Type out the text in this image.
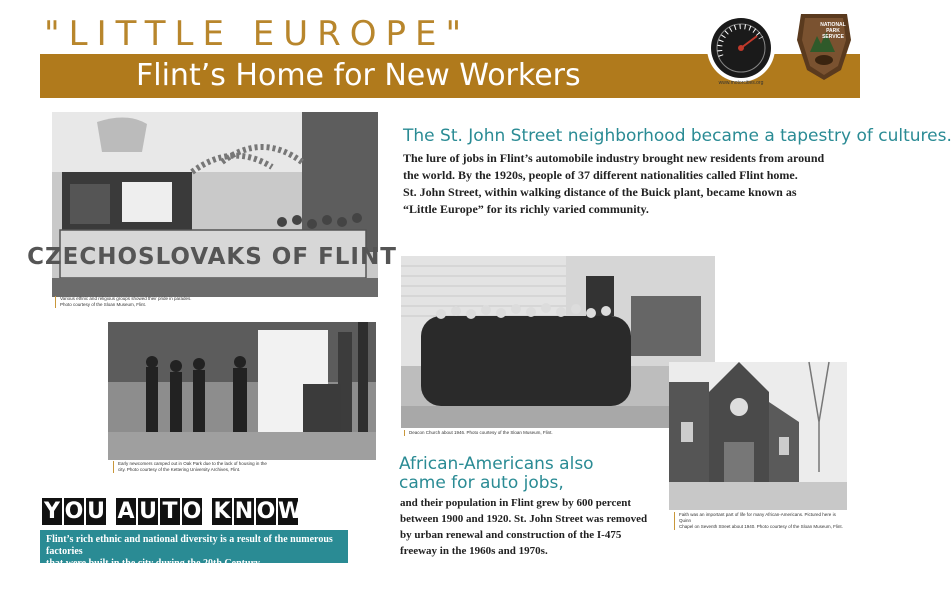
"LITTLE EUROPE"
Flint’s Home for New Workers	www.motorcities.org
NATIONAL
PARK
SERVICE
CZECHOSLOVAKS OF FLINT
Various ethnic and religious groups showed their pride in parades.
Photo courtesy of the Sloan Museum, Flint.
Early newcomers camped out in Oak Park due to the lack of housing in the
city. Photo courtesy of the Kettering University Archives, Flint.
The St. John Street neighborhood became a tapestry of cultures.
The lure of jobs in Flint’s automobile industry brought new residents from around
the world. By the 1920s, people of 37 different nationalities called Flint home.
St. John Street, within walking distance of the Buick plant, became known as
“Little Europe” for its richly varied community.
Deacon Church about 1946. Photo courtesy of the Sloan Museum, Flint.
Faith was an important part of life for many African-Americans. Pictured here is Quinn
Chapel on Seventh Street about 1940. Photo courtesy of the Sloan Museum, Flint.
African-Americans also
came for auto jobs,
and their population in Flint grew by 600 percent
between 1900 and 1920. St. John Street was removed
by urban renewal and construction of the I-475
freeway in the 1960s and 1970s.
Y O U A U T O K N O W
Flint’s rich ethnic and national diversity is a result of the numerous factories
that were built in the city during the 20th Century.
